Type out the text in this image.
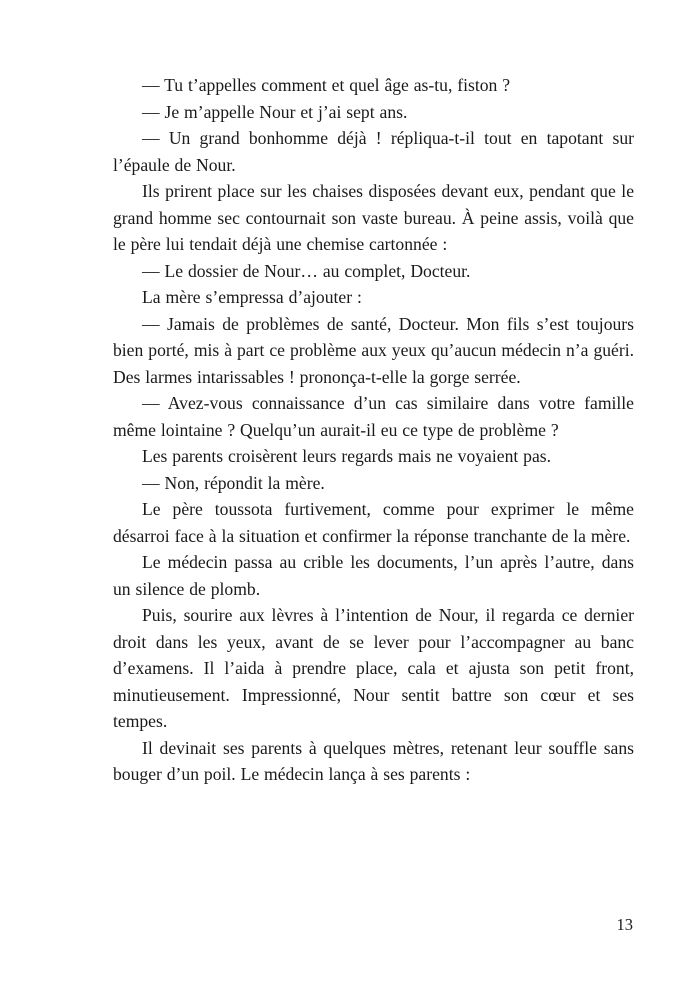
— Tu t’appelles comment et quel âge as-tu, fiston ?

— Je m’appelle Nour et j’ai sept ans.

— Un grand bonhomme déjà ! répliqua-t-il tout en tapotant sur l’épaule de Nour.

Ils prirent place sur les chaises disposées devant eux, pendant que le grand homme sec contournait son vaste bureau. À peine assis, voilà que le père lui tendait déjà une chemise cartonnée :

— Le dossier de Nour… au complet, Docteur.

La mère s’empressa d’ajouter :

— Jamais de problèmes de santé, Docteur. Mon fils s’est toujours bien porté, mis à part ce problème aux yeux qu’aucun médecin n’a guéri. Des larmes intarissables ! prononça-t-elle la gorge serrée.

— Avez-vous connaissance d’un cas similaire dans votre famille même lointaine ? Quelqu’un aurait-il eu ce type de problème ?

Les parents croisèrent leurs regards mais ne voyaient pas.

— Non, répondit la mère.

Le père toussota furtivement, comme pour exprimer le même désarroi face à la situation et confirmer la réponse tranchante de la mère.

Le médecin passa au crible les documents, l’un après l’autre, dans un silence de plomb.

Puis, sourire aux lèvres à l’intention de Nour, il regarda ce dernier droit dans les yeux, avant de se lever pour l’accompagner au banc d’examens. Il l’aida à prendre place, cala et ajusta son petit front, minutieusement. Impressionné, Nour sentit battre son cœur et ses tempes.

Il devinait ses parents à quelques mètres, retenant leur souffle sans bouger d’un poil. Le médecin lança à ses parents :

13
